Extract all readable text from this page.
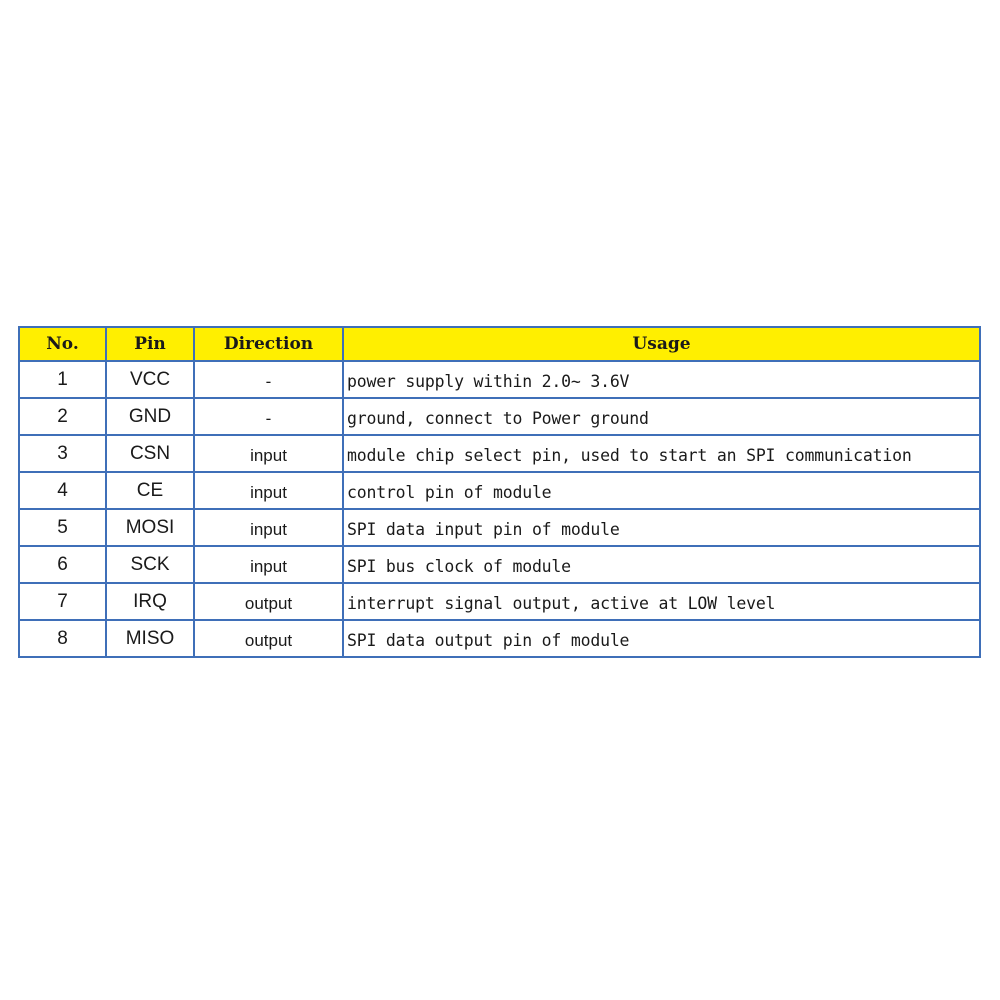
No.	Pin	Direction	Usage
1	VCC	-	power supply within 2.0~ 3.6V
2	GND	-	ground, connect to Power ground
3	CSN	input	module chip select pin, used to start an SPI communication
4	CE	input	control pin of module
5	MOSI	input	SPI data input pin of module
6	SCK	input	SPI bus clock of module
7	IRQ	output	interrupt signal output, active at LOW level
8	MISO	output	SPI data output pin of module
